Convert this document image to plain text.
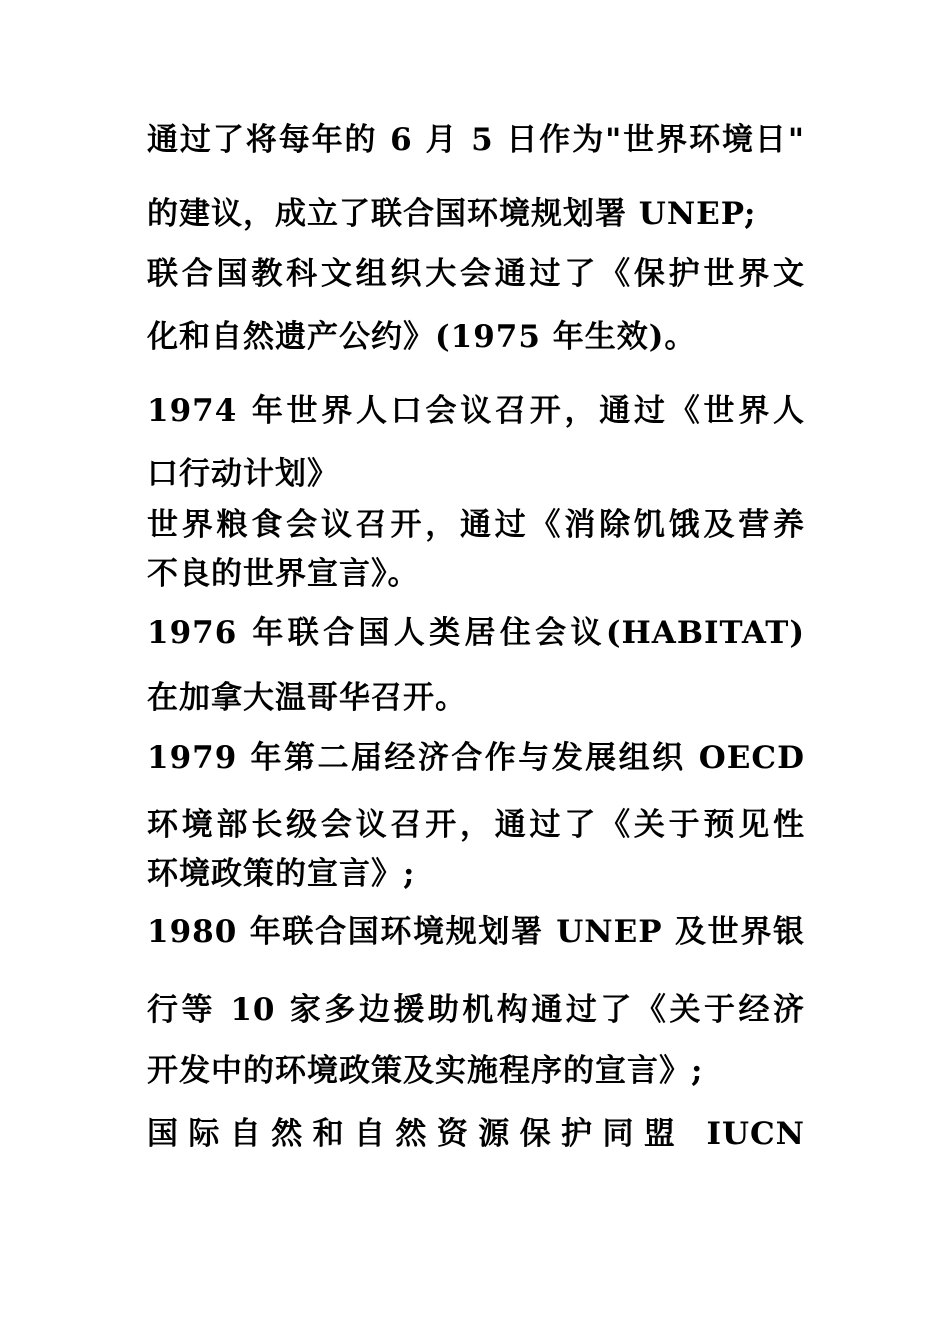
通过了将每年的 6 月 5 日作为"世界环境日"
的建议，成立了联合国环境规划署 UNEP;
联合国教科文组织大会通过了《保护世界文
化和自然遗产公约》(1975 年生效)。
1974 年世界人口会议召开，通过《世界人
口行动计划》
世界粮食会议召开，通过《消除饥饿及营养
不良的世界宣言》。
1976 年联合国人类居住会议(HABITAT)
在加拿大温哥华召开。
1979 年第二届经济合作与发展组织 OECD
环境部长级会议召开，通过了《关于预见性
环境政策的宣言》;
1980 年联合国环境规划署 UNEP 及世界银
行等 10 家多边援助机构通过了《关于经济
开发中的环境政策及实施程序的宣言》;
国际自然和自然资源保护同盟 IUCN
